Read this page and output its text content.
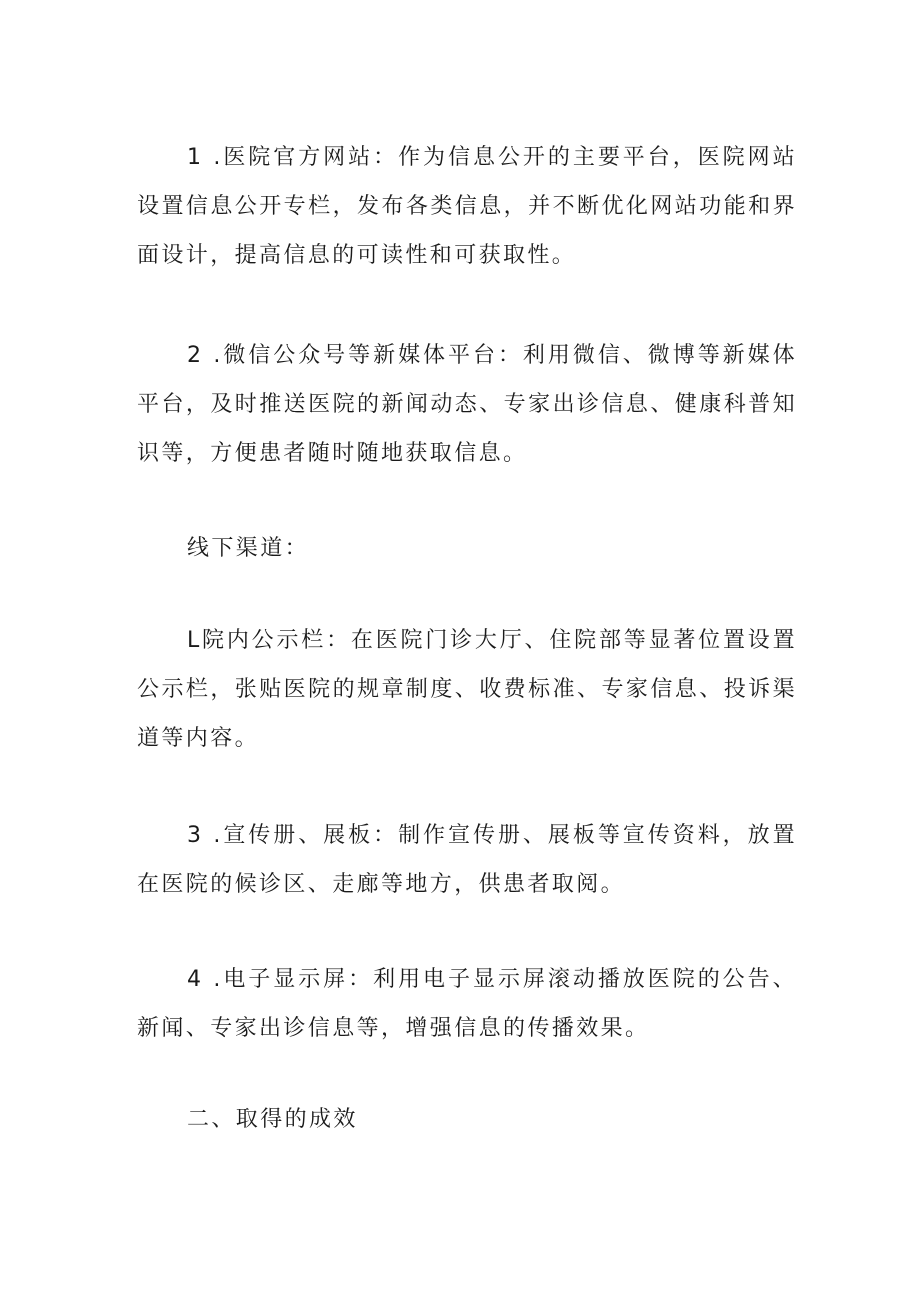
1 .医院官方网站：作为信息公开的主要平台，医院网站设置信息公开专栏，发布各类信息，并不断优化网站功能和界面设计，提高信息的可读性和可获取性。

2 .微信公众号等新媒体平台：利用微信、微博等新媒体平台，及时推送医院的新闻动态、专家出诊信息、健康科普知识等，方便患者随时随地获取信息。

线下渠道：

L院内公示栏：在医院门诊大厅、住院部等显著位置设置公示栏，张贴医院的规章制度、收费标准、专家信息、投诉渠道等内容。

3 .宣传册、展板：制作宣传册、展板等宣传资料，放置在医院的候诊区、走廊等地方，供患者取阅。

4 .电子显示屏：利用电子显示屏滚动播放医院的公告、新闻、专家出诊信息等，增强信息的传播效果。

二、取得的成效
